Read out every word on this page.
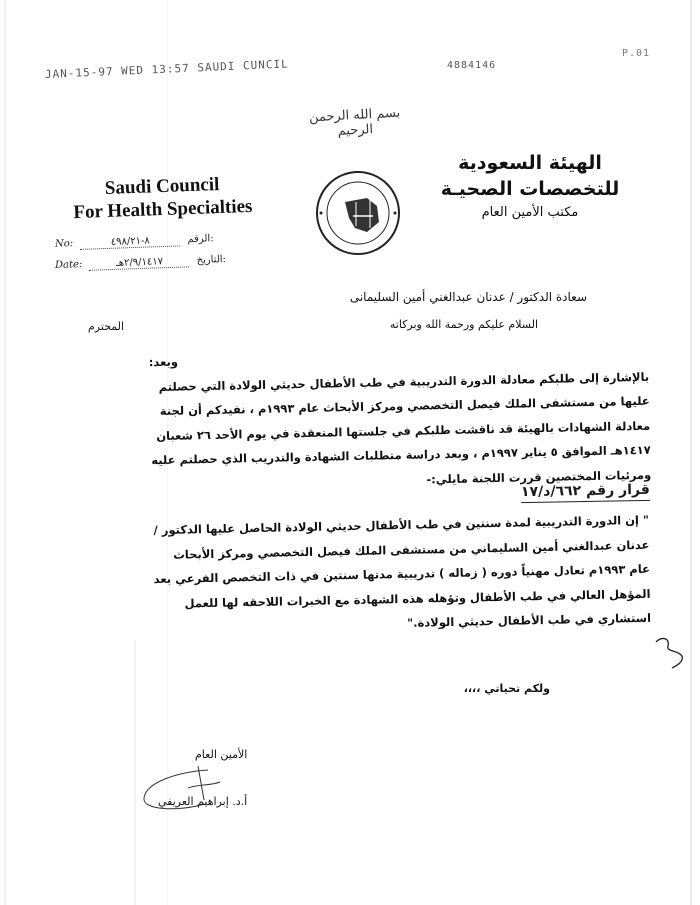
JAN-15-97 WED 13:57 SAUDI CUNCIL	4884146
P.01
بسم الله الرحمن الرحيم
Saudi Council
For Health Specialties
No:	٨-٤٩٨/٢١	الرقم:
Date:	٢/٩/١٤١٧هـ	التاريخ:
الهيئة السعودية
للتخصصات الصحيـة
مكتب الأمين العام
سعادة الدكتور / عدنان عبدالغني أمين السليمانى
المحترم	السلام عليكم ورحمة الله وبركاته
وبعد:
بالإشارة إلى طلبكم معادلة الدورة التدريبية في طب الأطفال حديثي الولادة التي حصلتم عليها من مستشفى الملك فيصل التخصصي ومركز الأبحاث عام ١٩٩٣م ، نفيدكم أن لجنة معادلة الشهادات بالهيئة قد ناقشت طلبكم في جلستها المنعقدة في يوم الأحد ٢٦ شعبان ١٤١٧هـ الموافق ٥ يناير ١٩٩٧م ، وبعد دراسة متطلبات الشهادة والتدريب الذي حصلتم عليه ومرئيات المختصين قررت اللجنة مايلي:-
قرار رقم ٦٦٢/د/١٧
" إن الدورة التدريبية لمدة سنتين في طب الأطفال حديثي الولادة الحاصل عليها الدكتور / عدنان عبدالغني أمين السليماني من مستشفى الملك فيصل التخصصي ومركز الأبحاث عام ١٩٩٣م تعادل مهنياً دوره ( زماله ) تدريبية مدتها سنتين في ذات التخصص الفرعي بعد المؤهل العالي في طب الأطفال وتؤهله هذه الشهادة مع الخبرات اللاحقه لها للعمل استشاري في طب الأطفال حديثي الولادة."
ولكم تحياتي ،،،،
الأمين العام
أ.د. إبراهيم العريفي
